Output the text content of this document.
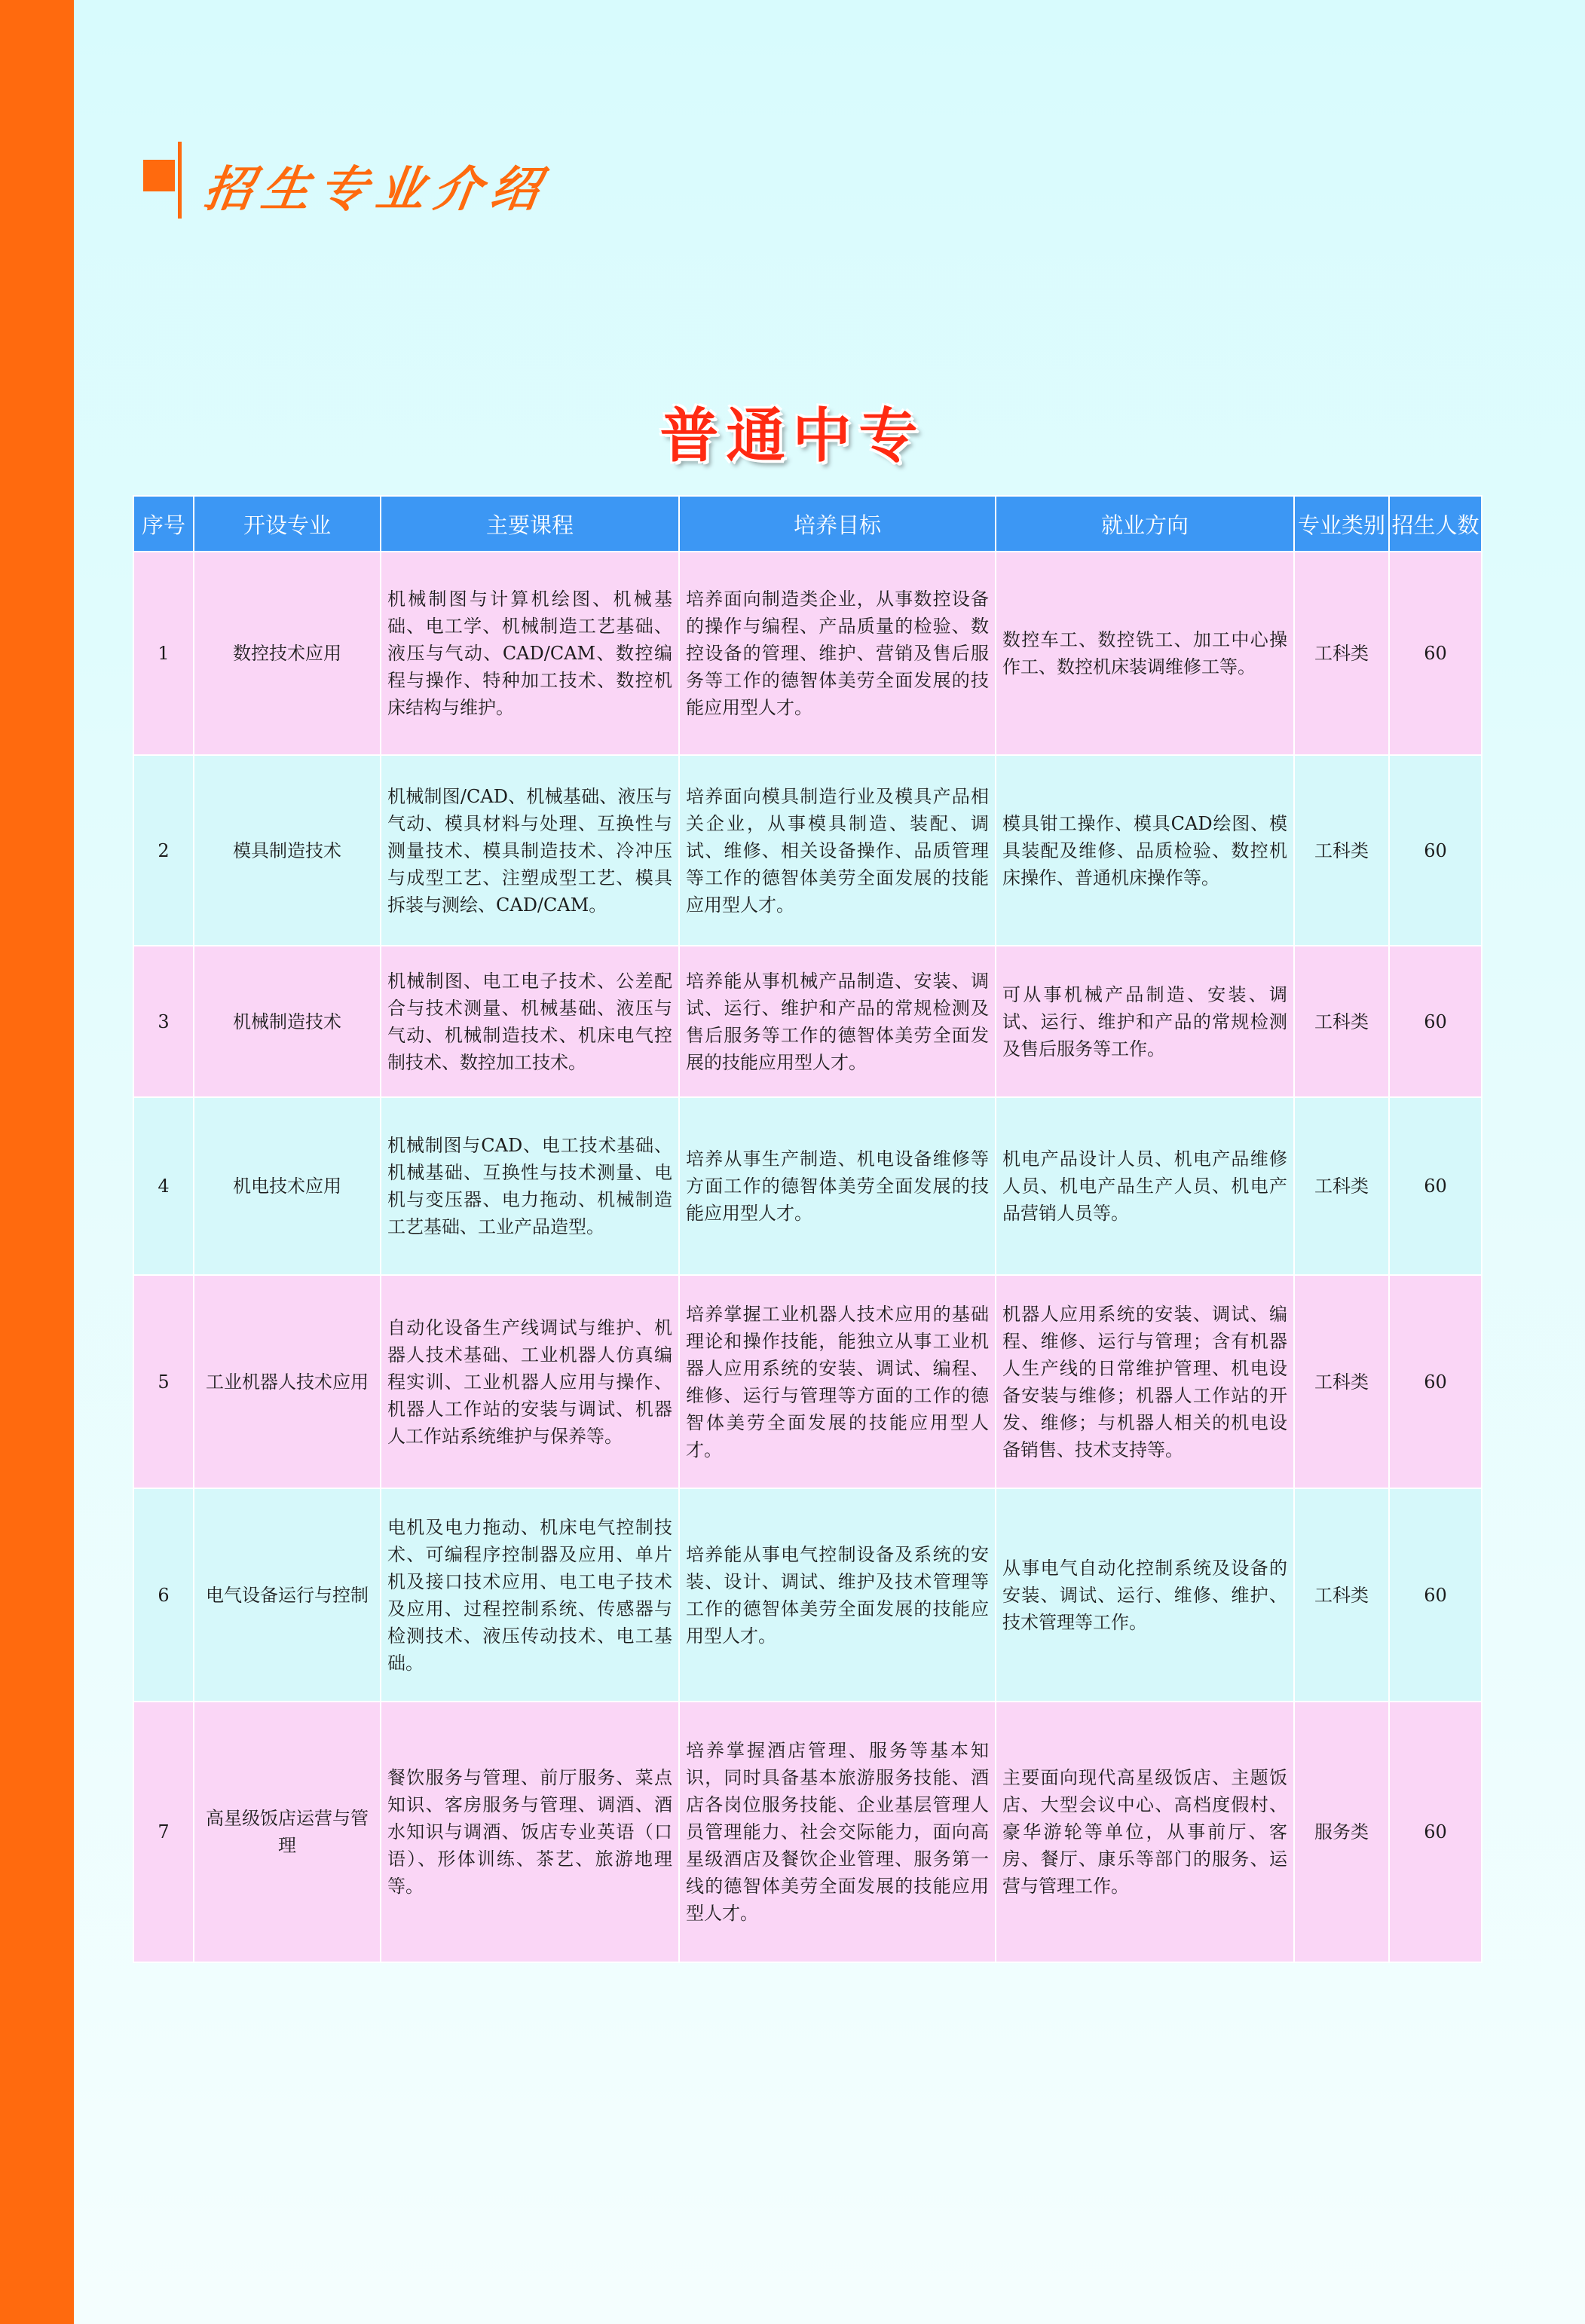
招生专业介绍
普通中专
序号	开设专业	主要课程	培养目标	就业方向	专业类别	招生人数
1	数控技术应用	机械制图与计算机绘图、机械基础、电工学、机械制造工艺基础、液压与气动、CAD/CAM、数控编程与操作、特种加工技术、数控机床结构与维护。	培养面向制造类企业，从事数控设备的操作与编程、产品质量的检验、数控设备的管理、维护、营销及售后服务等工作的德智体美劳全面发展的技能应用型人才。	数控车工、数控铣工、加工中心操作工、数控机床装调维修工等。	工科类	60
2	模具制造技术	机械制图/CAD、机械基础、液压与气动、模具材料与处理、互换性与测量技术、模具制造技术、冷冲压与成型工艺、注塑成型工艺、模具拆装与测绘、CAD/CAM。	培养面向模具制造行业及模具产品相关企业，从事模具制造、装配、调试、维修、相关设备操作、品质管理等工作的德智体美劳全面发展的技能应用型人才。	模具钳工操作、模具CAD绘图、模具装配及维修、品质检验、数控机床操作、普通机床操作等。	工科类	60
3	机械制造技术	机械制图、电工电子技术、公差配合与技术测量、机械基础、液压与气动、机械制造技术、机床电气控制技术、数控加工技术。	培养能从事机械产品制造、安装、调试、运行、维护和产品的常规检测及售后服务等工作的德智体美劳全面发展的技能应用型人才。	可从事机械产品制造、安装、调试、运行、维护和产品的常规检测及售后服务等工作。	工科类	60
4	机电技术应用	机械制图与CAD、电工技术基础、机械基础、互换性与技术测量、电机与变压器、电力拖动、机械制造工艺基础、工业产品造型。	培养从事生产制造、机电设备维修等方面工作的德智体美劳全面发展的技能应用型人才。	机电产品设计人员、机电产品维修人员、机电产品生产人员、机电产品营销人员等。	工科类	60
5	工业机器人技术应用	自动化设备生产线调试与维护、机器人技术基础、工业机器人仿真编程实训、工业机器人应用与操作、机器人工作站的安装与调试、机器人工作站系统维护与保养等。	培养掌握工业机器人技术应用的基础理论和操作技能，能独立从事工业机器人应用系统的安装、调试、编程、维修、运行与管理等方面的工作的德智体美劳全面发展的技能应用型人才。	机器人应用系统的安装、调试、编程、维修、运行与管理；含有机器人生产线的日常维护管理、机电设备安装与维修；机器人工作站的开发、维修；与机器人相关的机电设备销售、技术支持等。	工科类	60
6	电气设备运行与控制	电机及电力拖动、机床电气控制技术、可编程序控制器及应用、单片机及接口技术应用、电工电子技术及应用、过程控制系统、传感器与检测技术、液压传动技术、电工基础。	培养能从事电气控制设备及系统的安装、设计、调试、维护及技术管理等工作的德智体美劳全面发展的技能应用型人才。	从事电气自动化控制系统及设备的安装、调试、运行、维修、维护、技术管理等工作。	工科类	60
7	高星级饭店运营与管理	餐饮服务与管理、前厅服务、菜点知识、客房服务与管理、调酒、酒水知识与调酒、饭店专业英语（口语）、形体训练、茶艺、旅游地理等。	培养掌握酒店管理、服务等基本知识，同时具备基本旅游服务技能、酒店各岗位服务技能、企业基层管理人员管理能力、社会交际能力，面向高星级酒店及餐饮企业管理、服务第一线的德智体美劳全面发展的技能应用型人才。	主要面向现代高星级饭店、主题饭店、大型会议中心、高档度假村、豪华游轮等单位，从事前厅、客房、餐厅、康乐等部门的服务、运营与管理工作。	服务类	60
